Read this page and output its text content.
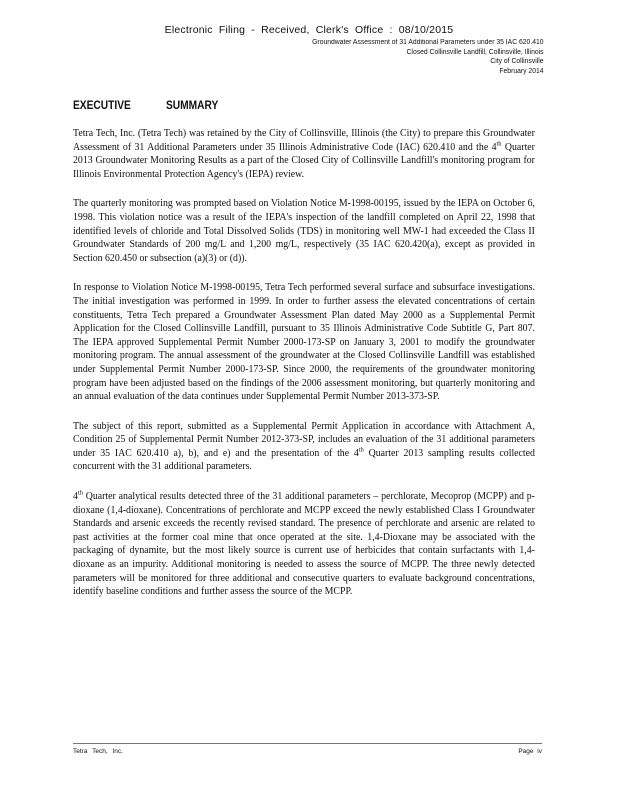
Electronic Filing - Received, Clerk's Office : 08/10/2015
Groundwater Assessment of 31 Additional Parameters under 35 IAC 620.410
Closed Collinsville Landfill, Collinsville, Illinois
City of Collinsville
February 2014
EXECUTIVE SUMMARY

Tetra Tech, Inc. (Tetra Tech) was retained by the City of Collinsville, Illinois (the City) to prepare this Groundwater Assessment of 31 Additional Parameters under 35 Illinois Administrative Code (IAC) 620.410 and the 4th Quarter 2013 Groundwater Monitoring Results as a part of the Closed City of Collinsville Landfill's monitoring program for Illinois Environmental Protection Agency's (IEPA) review.

The quarterly monitoring was prompted based on Violation Notice M-1998-00195, issued by the IEPA on October 6, 1998. This violation notice was a result of the IEPA's inspection of the landfill completed on April 22, 1998 that identified levels of chloride and Total Dissolved Solids (TDS) in monitoring well MW-1 had exceeded the Class II Groundwater Standards of 200 mg/L and 1,200 mg/L, respectively (35 IAC 620.420(a), except as provided in Section 620.450 or subsection (a)(3) or (d)).

In response to Violation Notice M-1998-00195, Tetra Tech performed several surface and subsurface investigations. The initial investigation was performed in 1999. In order to further assess the elevated concentrations of certain constituents, Tetra Tech prepared a Groundwater Assessment Plan dated May 2000 as a Supplemental Permit Application for the Closed Collinsville Landfill, pursuant to 35 Illinois Administrative Code Subtitle G, Part 807. The IEPA approved Supplemental Permit Number 2000-173-SP on January 3, 2001 to modify the groundwater monitoring program. The annual assessment of the groundwater at the Closed Collinsville Landfill was established under Supplemental Permit Number 2000-173-SP. Since 2000, the requirements of the groundwater monitoring program have been adjusted based on the findings of the 2006 assessment monitoring, but quarterly monitoring and an annual evaluation of the data continues under Supplemental Permit Number 2013-373-SP.

The subject of this report, submitted as a Supplemental Permit Application in accordance with Attachment A, Condition 25 of Supplemental Permit Number 2012-373-SP, includes an evaluation of the 31 additional parameters under 35 IAC 620.410 a), b), and e) and the presentation of the 4th Quarter 2013 sampling results collected concurrent with the 31 additional parameters.

4th Quarter analytical results detected three of the 31 additional parameters – perchlorate, Mecoprop (MCPP) and p-dioxane (1,4-dioxane). Concentrations of perchlorate and MCPP exceed the newly established Class I Groundwater Standards and arsenic exceeds the recently revised standard. The presence of perchlorate and arsenic are related to past activities at the former coal mine that once operated at the site. 1,4-Dioxane may be associated with the packaging of dynamite, but the most likely source is current use of herbicides that contain surfactants with 1,4-dioxane as an impurity. Additional monitoring is needed to assess the source of MCPP. The three newly detected parameters will be monitored for three additional and consecutive quarters to evaluate background concentrations, identify baseline conditions and further assess the source of the MCPP.

Tetra Tech, Inc.	Page iv
